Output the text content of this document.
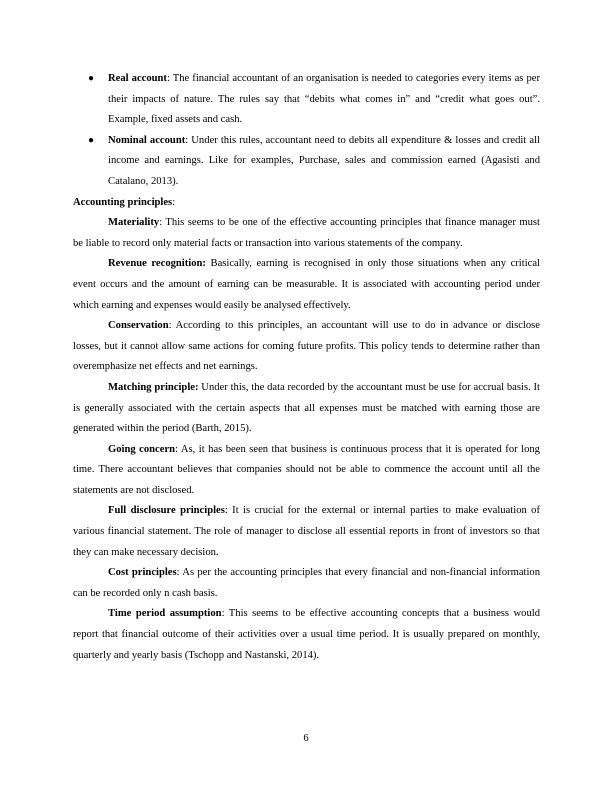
● Real account: The financial accountant of an organisation is needed to categories every items as per their impacts of nature. The rules say that “debits what comes in” and “credit what goes out”. Example, fixed assets and cash.
● Nominal account: Under this rules, accountant need to debits all expenditure & losses and credit all income and earnings. Like for examples, Purchase, sales and commission earned (Agasisti and Catalano, 2013).

Accounting principles:

Materiality: This seems to be one of the effective accounting principles that finance manager must be liable to record only material facts or transaction into various statements of the company.

Revenue recognition: Basically, earning is recognised in only those situations when any critical event occurs and the amount of earning can be measurable. It is associated with accounting period under which earning and expenses would easily be analysed effectively.

Conservation: According to this principles, an accountant will use to do in advance or disclose losses, but it cannot allow same actions for coming future profits. This policy tends to determine rather than overemphasize net effects and net earnings.

Matching principle: Under this, the data recorded by the accountant must be use for accrual basis. It is generally associated with the certain aspects that all expenses must be matched with earning those are generated within the period (Barth, 2015).

Going concern: As, it has been seen that business is continuous process that it is operated for long time. There accountant believes that companies should not be able to commence the account until all the statements are not disclosed.

Full disclosure principles: It is crucial for the external or internal parties to make evaluation of various financial statement. The role of manager to disclose all essential reports in front of investors so that they can make necessary decision.

Cost principles: As per the accounting principles that every financial and non-financial information can be recorded only n cash basis.

Time period assumption: This seems to be effective accounting concepts that a business would report that financial outcome of their activities over a usual time period. It is usually prepared on monthly, quarterly and yearly basis (Tschopp and Nastanski, 2014).

6
